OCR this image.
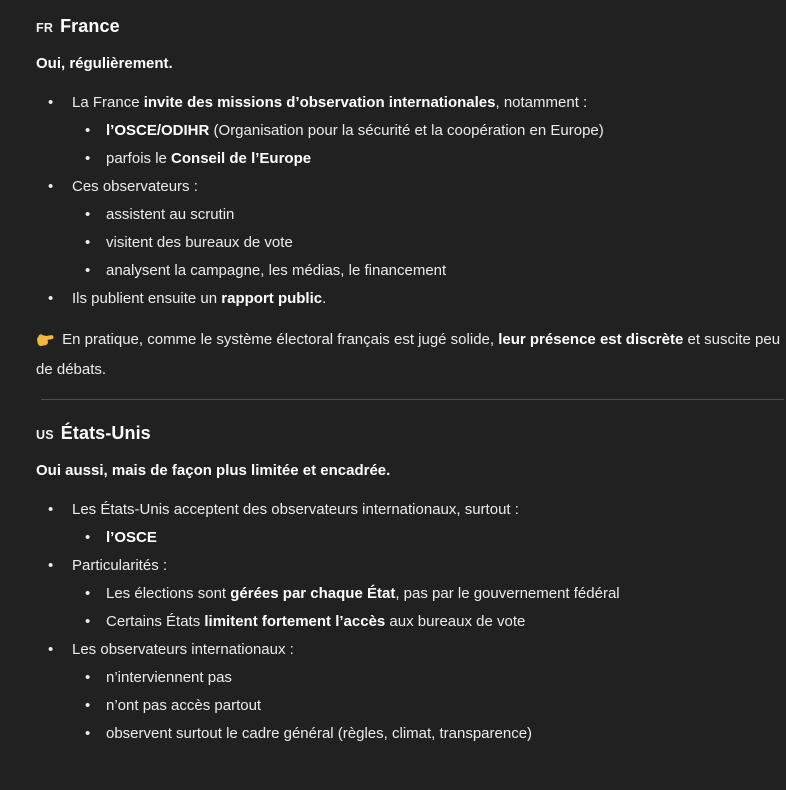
FR France

Oui, régulièrement.

• La France invite des missions d’observation internationales, notamment :
• l’OSCE/ODIHR (Organisation pour la sécurité et la coopération en Europe)
• parfois le Conseil de l’Europe
• Ces observateurs :
• assistent au scrutin
• visitent des bureaux de vote
• analysent la campagne, les médias, le financement
• Ils publient ensuite un rapport public.

En pratique, comme le système électoral français est jugé solide, leur présence est discrète et suscite peu de débats.

US États-Unis

Oui aussi, mais de façon plus limitée et encadrée.

• Les États-Unis acceptent des observateurs internationaux, surtout :
• l’OSCE
• Particularités :
• Les élections sont gérées par chaque État, pas par le gouvernement fédéral
• Certains États limitent fortement l’accès aux bureaux de vote
• Les observateurs internationaux :
• n’interviennent pas
• n’ont pas accès partout
• observent surtout le cadre général (règles, climat, transparence)
